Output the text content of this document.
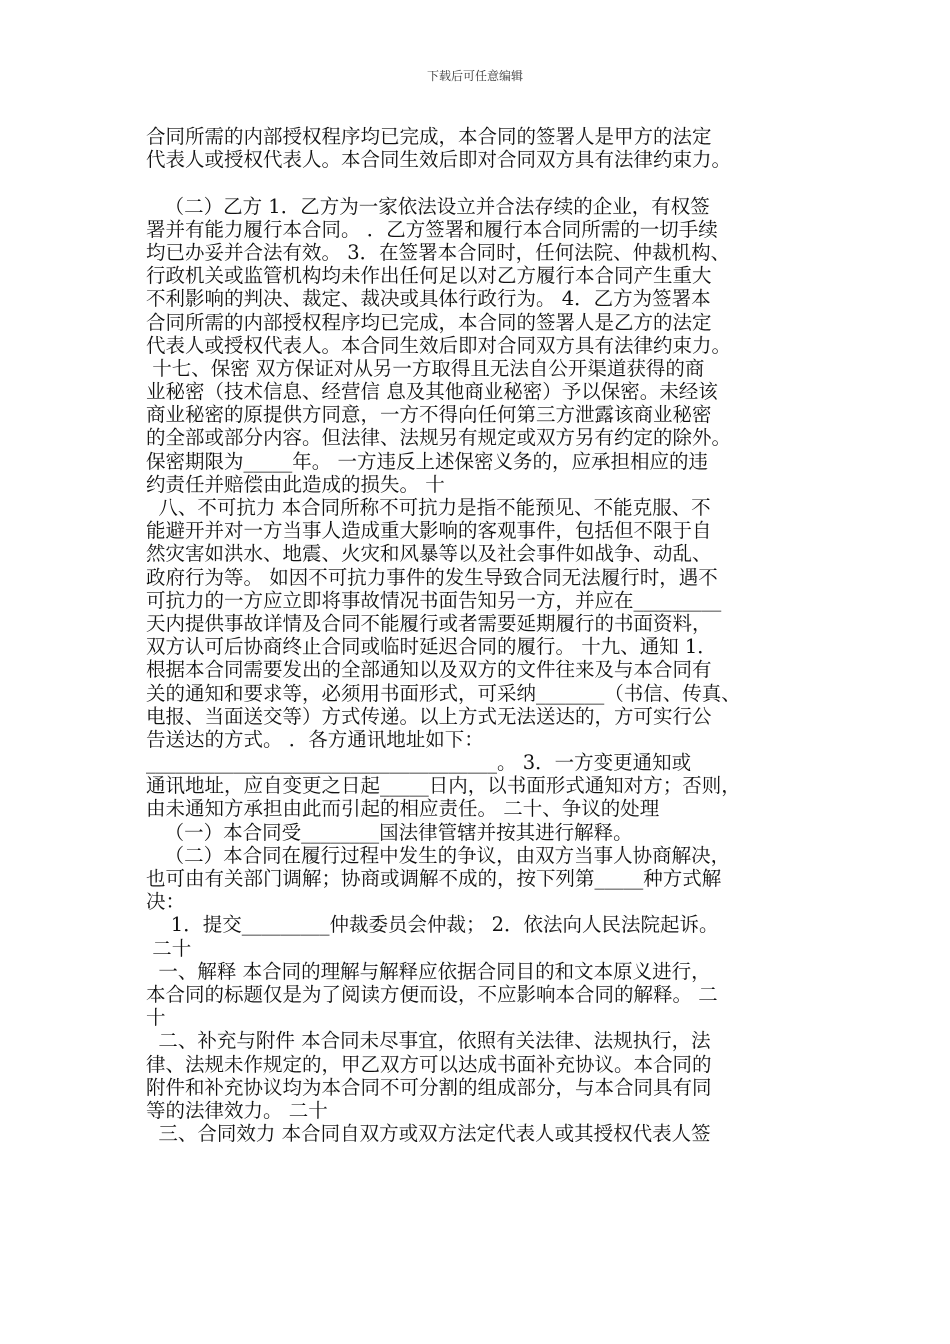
下载后可任意编辑
合同所需的内部授权程序均已完成，本合同的签署人是甲方的法定
代表人或授权代表人。本合同生效后即对合同双方具有法律约束力。
（二）乙方 1．乙方为一家依法设立并合法存续的企业，有权签
署并有能力履行本合同。 ．乙方签署和履行本合同所需的一切手续
均已办妥并合法有效。 3．在签署本合同时，任何法院、仲裁机构、
行政机关或监管机构均未作出任何足以对乙方履行本合同产生重大
不利影响的判决、裁定、裁决或具体行政行为。 4．乙方为签署本
合同所需的内部授权程序均已完成，本合同的签署人是乙方的法定
代表人或授权代表人。本合同生效后即对合同双方具有法律约束力。
十七、保密 双方保证对从另一方取得且无法自公开渠道获得的商
业秘密（技术信息、经营信 息及其他商业秘密）予以保密。未经该
商业秘密的原提供方同意，一方不得向任何第三方泄露该商业秘密
的全部或部分内容。但法律、法规另有规定或双方另有约定的除外。
保密期限为_____年。 一方违反上述保密义务的，应承担相应的违
约责任并赔偿由此造成的损失。 十
八、不可抗力 本合同所称不可抗力是指不能预见、不能克服、不
能避开并对一方当事人造成重大影响的客观事件，包括但不限于自
然灾害如洪水、地震、火灾和风暴等以及社会事件如战争、动乱、
政府行为等。 如因不可抗力事件的发生导致合同无法履行时，遇不
可抗力的一方应立即将事故情况书面告知另一方，并应在_________
天内提供事故详情及合同不能履行或者需要延期履行的书面资料，
双方认可后协商终止合同或临时延迟合同的履行。 十九、通知 1．
根据本合同需要发出的全部通知以及双方的文件往来及与本合同有
关的通知和要求等，必须用书面形式，可采纳_______（书信、传真、
电报、当面送交等）方式传递。以上方式无法送达的，方可实行公
告送达的方式。 ．各方通讯地址如下：
____________________________________。 3．一方变更通知或
通讯地址，应自变更之日起_____日内，以书面形式通知对方；否则，
由未通知方承担由此而引起的相应责任。 二十、争议的处理
（一）本合同受________国法律管辖并按其进行解释。
（二）本合同在履行过程中发生的争议，由双方当事人协商解决，
也可由有关部门调解；协商或调解不成的，按下列第_____种方式解
决：
1．提交_________仲裁委员会仲裁； 2．依法向人民法院起诉。
二十
一、解释 本合同的理解与解释应依据合同目的和文本原义进行，
本合同的标题仅是为了阅读方便而设，不应影响本合同的解释。 二
十
二、补充与附件 本合同未尽事宜，依照有关法律、法规执行，法
律、法规未作规定的，甲乙双方可以达成书面补充协议。本合同的
附件和补充协议均为本合同不可分割的组成部分，与本合同具有同
等的法律效力。 二十
三、合同效力 本合同自双方或双方法定代表人或其授权代表人签
